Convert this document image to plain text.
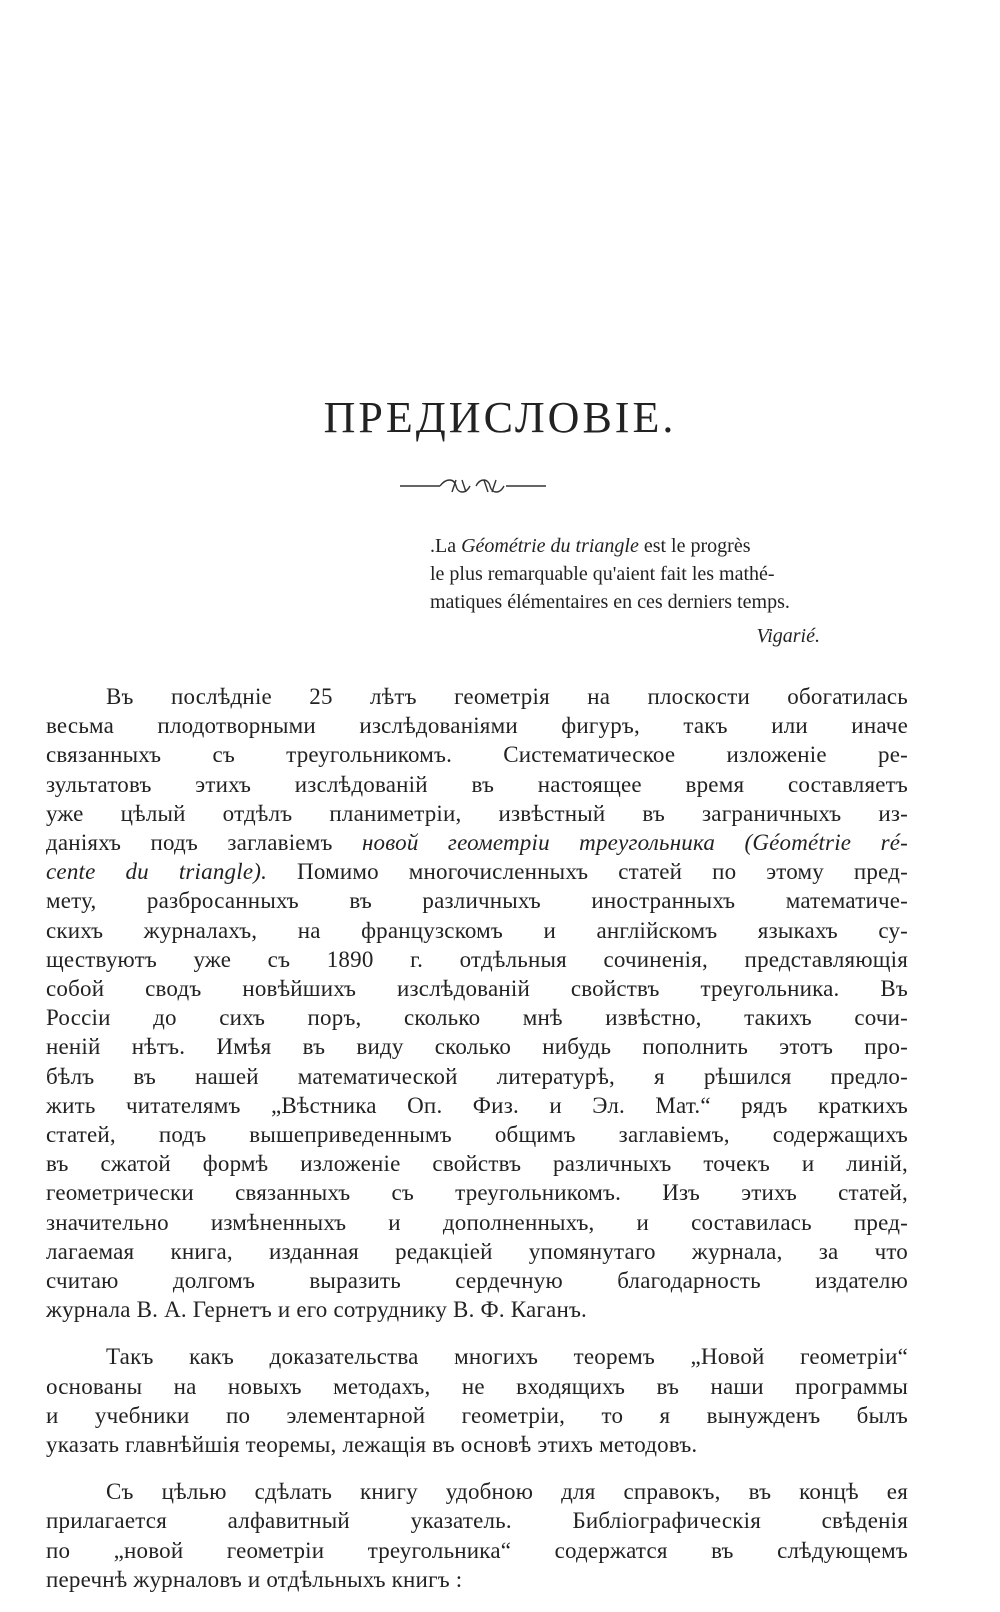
ПРЕДИСЛОВІЕ.
.La Géométrie du triangle est le progrès
le plus remarquable qu'aient fait les mathé-
matiques élémentaires en ces derniers temps.
Vigarié.
Въ послѣдніе 25 лѣтъ геометрія на плоскости обогатилась
весьма плодотворными изслѣдованіями фигуръ, такъ или иначе
связанныхъ съ треугольникомъ. Систематическое изложеніе ре-
зультатовъ этихъ изслѣдованій въ настоящее время составляетъ
уже цѣлый отдѣлъ планиметріи, извѣстный въ заграничныхъ из-
даніяхъ подъ заглавіемъ новой геометріи треугольника (Géométrie ré-
cente du triangle). Помимо многочисленныхъ статей по этому пред-
мету, разбросанныхъ въ различныхъ иностранныхъ математиче-
скихъ журналахъ, на французскомъ и англійскомъ языкахъ су-
ществуютъ уже съ 1890 г. отдѣльныя сочиненія, представляющія
собой сводъ новѣйшихъ изслѣдованій свойствъ треугольника. Въ
Россіи до сихъ поръ, сколько мнѣ извѣстно, такихъ сочи-
неній нѣтъ. Имѣя въ виду сколько нибудь пополнить этотъ про-
бѣлъ въ нашей математической литературѣ, я рѣшился предло-
жить читателямъ „Вѣстника Оп. Физ. и Эл. Мат.“ рядъ краткихъ
статей, подъ вышеприведеннымъ общимъ заглавіемъ, содержащихъ
въ сжатой формѣ изложеніе свойствъ различныхъ точекъ и линій,
геометрически связанныхъ съ треугольникомъ. Изъ этихъ статей,
значительно измѣненныхъ и дополненныхъ, и составилась пред-
лагаемая книга, изданная редакціей упомянутаго журнала, за что
считаю долгомъ выразить сердечную благодарность издателю
журнала В. А. Гернетъ и его сотруднику В. Ф. Каганъ.
Такъ какъ доказательства многихъ теоремъ „Новой геометріи“
основаны на новыхъ методахъ, не входящихъ въ наши программы
и учебники по элементарной геометріи, то я вынужденъ былъ
указать главнѣйшія теоремы, лежащія въ основѣ этихъ методовъ.
Съ цѣлью сдѣлать книгу удобною для справокъ, въ концѣ ея
прилагается алфавитный указатель. Библіографическія свѣденія
по „новой геометріи треугольника“ содержатся въ слѣдующемъ
перечнѣ журналовъ и отдѣльныхъ книгъ :
